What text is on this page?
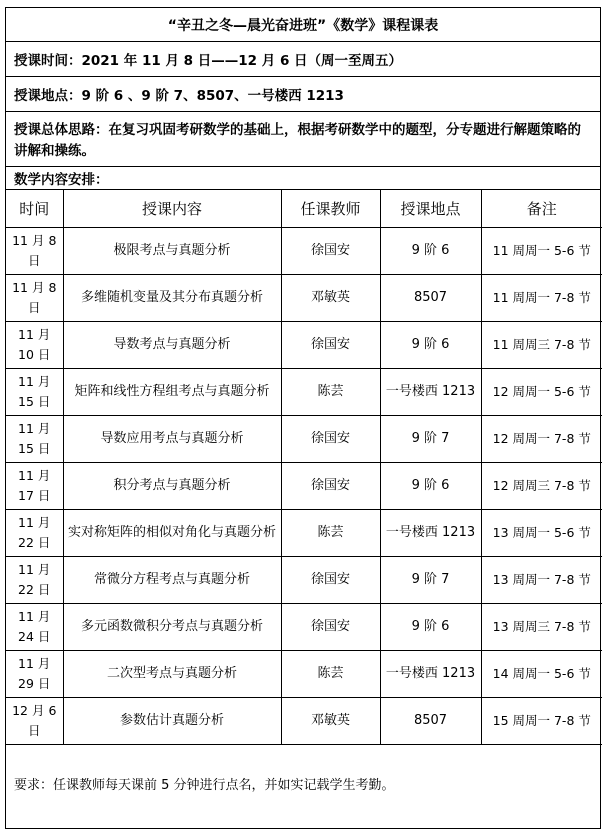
“辛丑之冬—晨光奋进班”《数学》课程课表
授课时间： 2021 年 11 月 8 日——12 月 6 日（周一至周五）
授课地点： 9 阶 6 、9 阶 7、8507、一号楼西 1213
授课总体思路：在复习巩固考研数学的基础上，根据考研数学中的题型，分专题进行解题策略的讲解和操练。
数学内容安排：
时间	授课内容	任课教师	授课地点	备注
11 月 8 日	极限考点与真题分析	徐国安	9 阶 6	11 周周一 5-6 节
11 月 8 日	多维随机变量及其分布真题分析	邓敏英	8507	11 周周一 7-8 节
11 月 10 日	导数考点与真题分析	徐国安	9 阶 6	11 周周三 7-8 节
11 月 15 日	矩阵和线性方程组考点与真题分析	陈芸	一号楼西 1213	12 周周一 5-6 节
11 月 15 日	导数应用考点与真题分析	徐国安	9 阶 7	12 周周一 7-8 节
11 月 17 日	积分考点与真题分析	徐国安	9 阶 6	12 周周三 7-8 节
11 月 22 日	实对称矩阵的相似对角化与真题分析	陈芸	一号楼西 1213	13 周周一 5-6 节
11 月 22 日	常微分方程考点与真题分析	徐国安	9 阶 7	13 周周一 7-8 节
11 月 24 日	多元函数微积分考点与真题分析	徐国安	9 阶 6	13 周周三 7-8 节
11 月 29 日	二次型考点与真题分析	陈芸	一号楼西 1213	14 周周一 5-6 节
12 月 6 日	参数估计真题分析	邓敏英	8507	15 周周一 7-8 节
要求：任课教师每天课前 5 分钟进行点名，并如实记载学生考勤。
